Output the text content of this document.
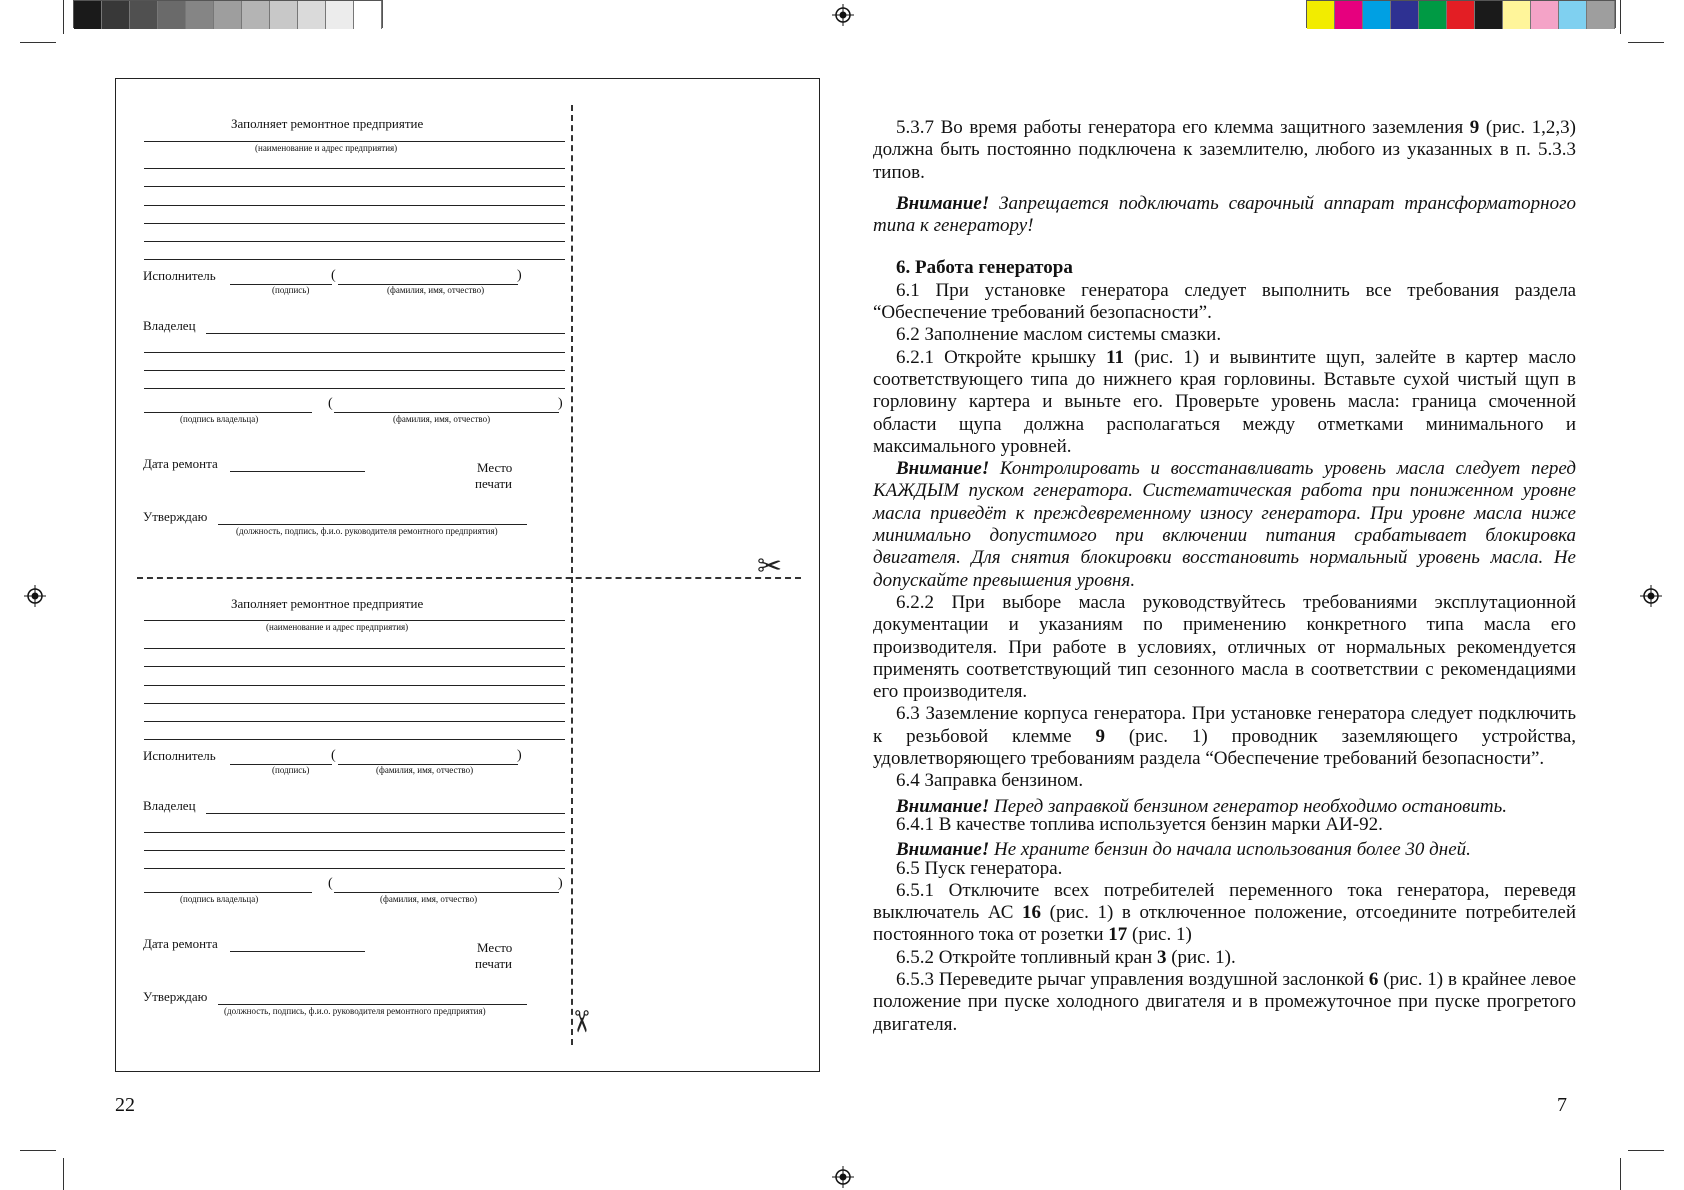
✂
✂
Заполняет ремонтное предприятие
(наименование и адрес предприятия)
Исполнитель
(подпись)
(	)
(фамилия, имя, отчество)
Владелец
(подпись владельца)
(	)
(фамилия, имя, отчество)
Дата ремонта	Место
печати
Утверждаю
(должность, подпись, ф.и.о. руководителя ремонтного предприятия)
Заполняет ремонтное предприятие
(наименование и адрес предприятия)
Исполнитель
(подпись)
(	)
(фамилия, имя, отчество)
Владелец
(подпись владельца)
(	)
(фамилия, имя, отчество)
Дата ремонта	Место
печати
Утверждаю
(должность, подпись, ф.и.о. руководителя ремонтного предприятия)
22	7

5.3.7 Во время работы генератора его клемма защитного заземления 9 (рис. 1,2,3) должна быть постоянно подключена к заземлителю, любого из указанных в п. 5.3.3 типов.

Внимание! Запрещается подключать сварочный аппарат трансформаторного типа к генератору!

6. Работа генератора

6.1 При установке генератора следует выполнить все требования раздела “Обеспечение требований безопасности”.

6.2 Заполнение маслом системы смазки.

6.2.1 Откройте крышку 11 (рис. 1) и вывинтите щуп, залейте в картер масло соответствующего типа до нижнего края горловины. Вставьте сухой чистый щуп в горловину картера и выньте его. Проверьте уровень масла: граница смоченной области щупа должна располагаться между отметками минимального и максимального уровней.

Внимание! Контролировать и восстанавливать уровень масла следует перед КАЖДЫМ пуском генератора. Систематическая работа при пониженном уровне масла приведёт к преждевременному износу генератора. При уровне масла ниже минимально допустимого при включении питания срабатывает блокировка двигателя. Для снятия блокировки восстановить нормальный уровень масла. Не допускайте превышения уровня.

6.2.2 При выборе масла руководствуйтесь требованиями эксплутационной документации и указаниям по применению конкретного типа масла его производителя. При работе в условиях, отличных от нормальных рекомендуется применять соответствующий тип сезонного масла в соответствии с рекомендациями его производителя.

6.3 Заземление корпуса генератора. При установке генератора следует подключить к резьбовой клемме 9 (рис. 1) проводник заземляющего устройства, удовлетворяющего требованиям раздела “Обеспечение требований безопасности”.

6.4 Заправка бензином.

Внимание! Перед заправкой бензином генератор необходимо остановить.

6.4.1 В качестве топлива используется бензин марки АИ-92.

Внимание! Не храните бензин до начала использования более 30 дней.

6.5 Пуск генератора.

6.5.1 Отключите всех потребителей переменного тока генератора, переведя выключатель АС 16 (рис. 1) в отключенное положение, отсоедините потребителей постоянного тока от розетки 17 (рис. 1)

6.5.2 Откройте топливный кран 3 (рис. 1).

6.5.3 Переведите рычаг управления воздушной заслонкой 6 (рис. 1) в крайнее левое положение при пуске холодного двигателя и в промежуточное при пуске прогретого двигателя.
